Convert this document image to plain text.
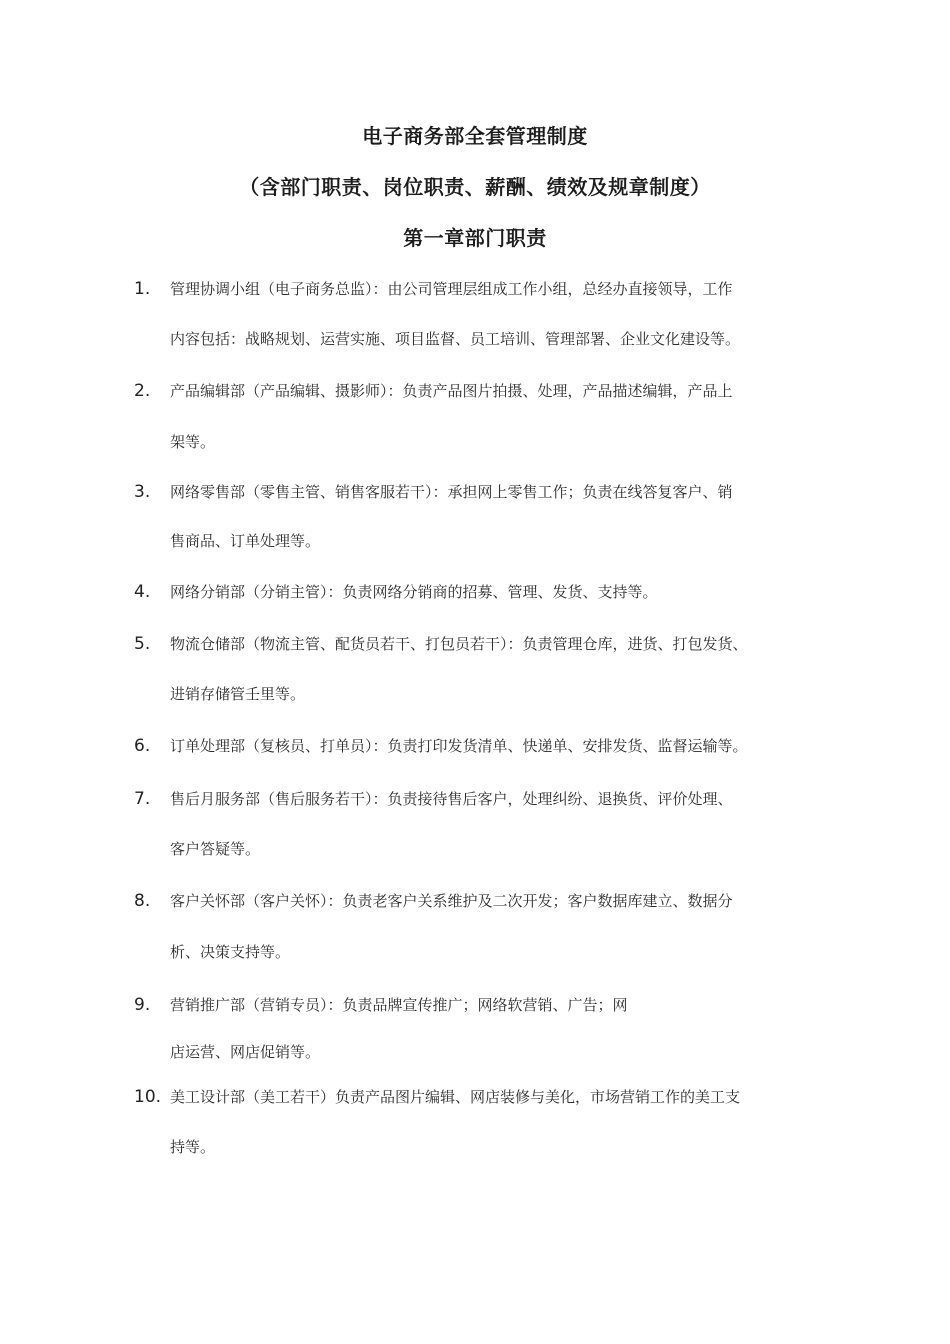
电子商务部全套管理制度
（含部门职责、岗位职责、薪酬、绩效及规章制度）
第一章部门职责
1. 管理协调小组（电子商务总监）：由公司管理层组成工作小组，总经办直接领导，工作
内容包括：战略规划、运营实施、项目监督、员工培训、管理部署、企业文化建设等。
2. 产品编辑部（产品编辑、摄影师）：负责产品图片拍摄、处理，产品描述编辑，产品上
架等。
3. 网络零售部（零售主管、销售客服若干）：承担网上零售工作；负责在线答复客户、销
售商品、订单处理等。
4. 网络分销部（分销主管）：负责网络分销商的招募、管理、发货、支持等。
5. 物流仓储部（物流主管、配货员若干、打包员若干）：负责管理仓库，进货、打包发货、
进销存储管壬里等。
6. 订单处理部（复核员、打单员）：负责打印发货清单、快递单、安排发货、监督运输等。
7. 售后月服务部（售后服务若干）：负责接待售后客户，处理纠纷、退换货、评价处理、
客户答疑等。
8. 客户关怀部（客户关怀）：负责老客户关系维护及二次开发；客户数据库建立、数据分
析、决策支持等。
9. 营销推广部（营销专员）：负责品牌宣传推广；网络软营销、广告；网
店运营、网店促销等。
10. 美工设计部（美工若干）负责产品图片编辑、网店装修与美化，市场营销工作的美工支
持等。
